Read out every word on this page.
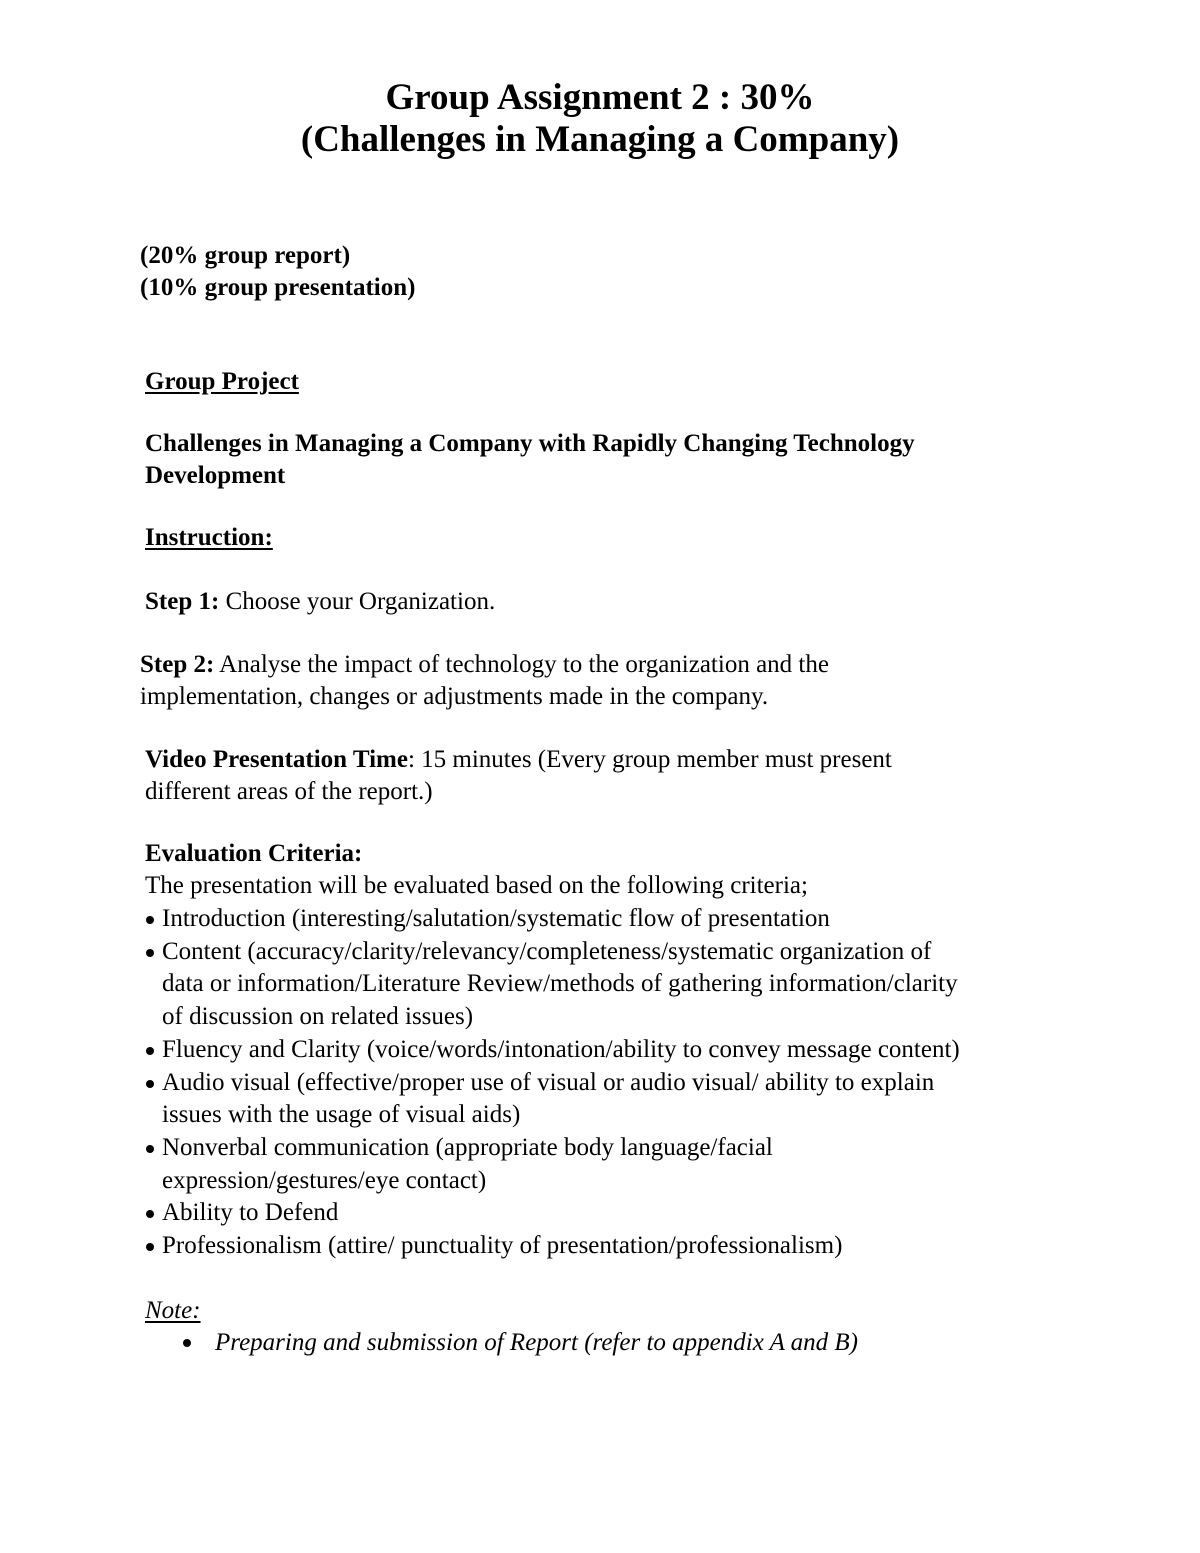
Group Assignment 2 : 30%
(Challenges in Managing a Company)
(20% group report)
(10% group presentation)
Group Project
Challenges in Managing a Company with Rapidly Changing Technology
Development
Instruction:
Step 1: Choose your Organization.
Step 2: Analyse the impact of technology to the organization and the
implementation, changes or adjustments made in the company.
Video Presentation Time: 15 minutes (Every group member must present
different areas of the report.)
Evaluation Criteria:
The presentation will be evaluated based on the following criteria;
Introduction (interesting/salutation/systematic flow of presentation
Content (accuracy/clarity/relevancy/completeness/systematic organization of
data or information/Literature Review/methods of gathering information/clarity
of discussion on related issues)
Fluency and Clarity (voice/words/intonation/ability to convey message content)
Audio visual (effective/proper use of visual or audio visual/ ability to explain
issues with the usage of visual aids)
Nonverbal communication (appropriate body language/facial
expression/gestures/eye contact)
Ability to Defend
Professionalism (attire/ punctuality of presentation/professionalism)
Note:
Preparing and submission of Report (refer to appendix A and B)
